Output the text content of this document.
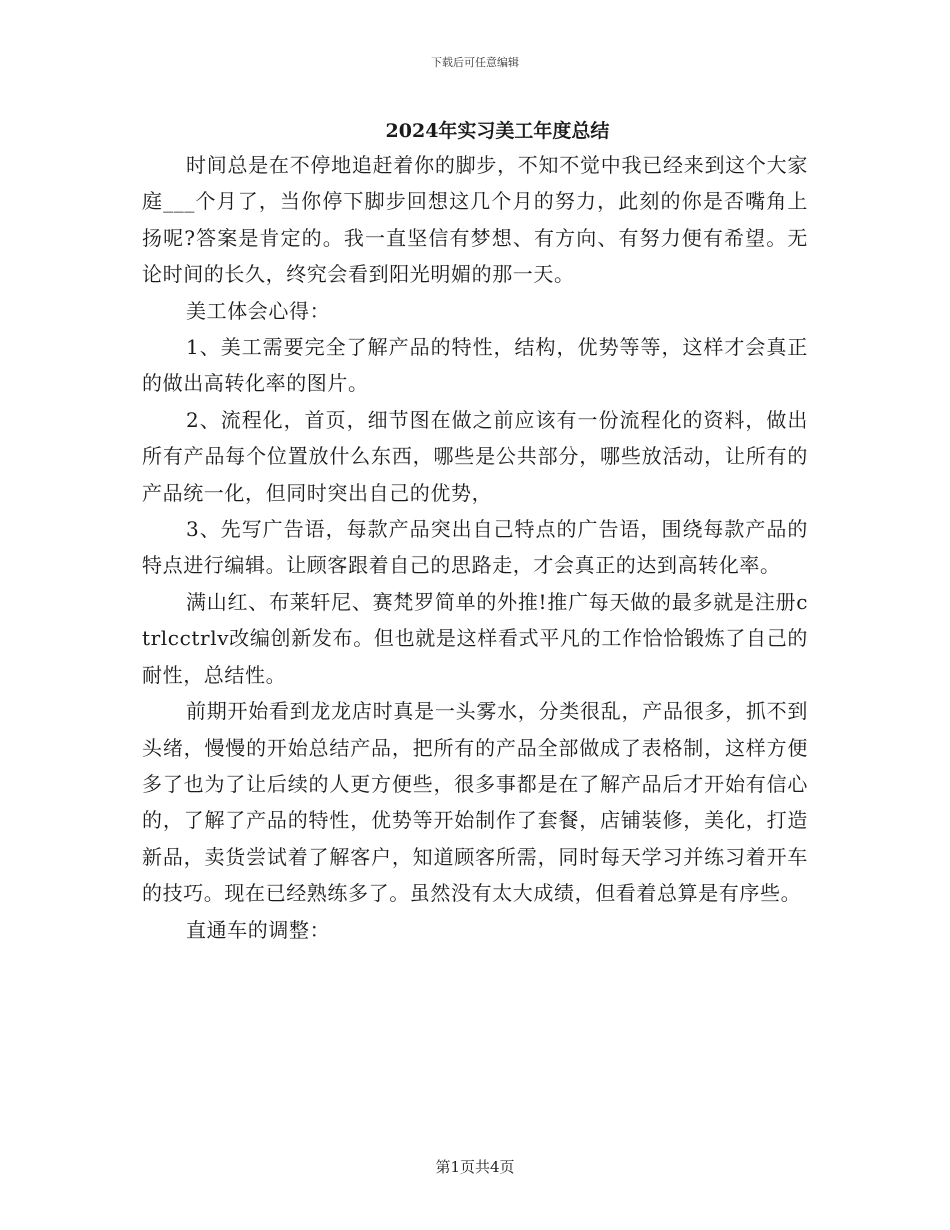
下载后可任意编辑
2024年实习美工年度总结

时间总是在不停地追赶着你的脚步，不知不觉中我已经来到这个大家庭___个月了，当你停下脚步回想这几个月的努力，此刻的你是否嘴角上扬呢?答案是肯定的。我一直坚信有梦想、有方向、有努力便有希望。无论时间的长久，终究会看到阳光明媚的那一天。

美工体会心得：

1、美工需要完全了解产品的特性，结构，优势等等，这样才会真正的做出高转化率的图片。

2、流程化，首页，细节图在做之前应该有一份流程化的资料，做出所有产品每个位置放什么东西，哪些是公共部分，哪些放活动，让所有的产品统一化，但同时突出自己的优势，

3、先写广告语，每款产品突出自己特点的广告语，围绕每款产品的特点进行编辑。让顾客跟着自己的思路走，才会真正的达到高转化率。

满山红、布莱轩尼、赛梵罗简单的外推!推广每天做的最多就是注册ctrlcctrlv改编创新发布。但也就是这样看式平凡的工作恰恰锻炼了自己的耐性，总结性。

前期开始看到龙龙店时真是一头雾水，分类很乱，产品很多，抓不到头绪，慢慢的开始总结产品，把所有的产品全部做成了表格制，这样方便多了也为了让后续的人更方便些，很多事都是在了解产品后才开始有信心的，了解了产品的特性，优势等开始制作了套餐，店铺装修，美化，打造新品，卖货尝试着了解客户，知道顾客所需，同时每天学习并练习着开车的技巧。现在已经熟练多了。虽然没有太大成绩，但看着总算是有序些。

直通车的调整：

第1页共4页
